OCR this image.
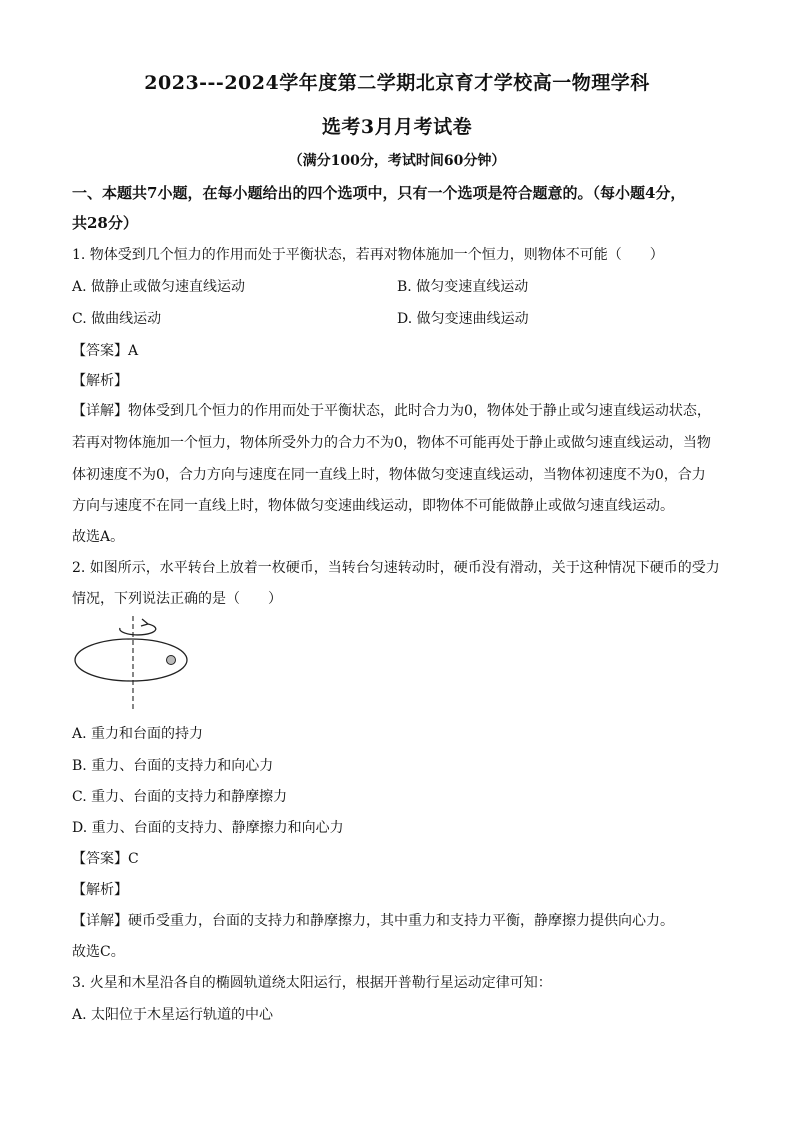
2023---2024学年度第二学期北京育才学校高一物理学科
选考3月月考试卷
（满分100分，考试时间60分钟）
一、本题共7小题，在每小题给出的四个选项中，只有一个选项是符合题意的。（每小题4分，
共28分）
1. 物体受到几个恒力的作用而处于平衡状态，若再对物体施加一个恒力，则物体不可能（　　）
A. 做静止或做匀速直线运动	B. 做匀变速直线运动
C. 做曲线运动	D. 做匀变速曲线运动
【答案】A
【解析】
【详解】物体受到几个恒力的作用而处于平衡状态，此时合力为0，物体处于静止或匀速直线运动状态，
若再对物体施加一个恒力，物体所受外力的合力不为0，物体不可能再处于静止或做匀速直线运动，当物
体初速度不为0，合力方向与速度在同一直线上时，物体做匀变速直线运动，当物体初速度不为0，合力
方向与速度不在同一直线上时，物体做匀变速曲线运动，即物体不可能做静止或做匀速直线运动。
故选A。
2. 如图所示，水平转台上放着一枚硬币，当转台匀速转动时，硬币没有滑动，关于这种情况下硬币的受力
情况，下列说法正确的是（　　）
A. 重力和台面的持力
B. 重力、台面的支持力和向心力
C. 重力、台面的支持力和静摩擦力
D. 重力、台面的支持力、静摩擦力和向心力
【答案】C
【解析】
【详解】硬币受重力，台面的支持力和静摩擦力，其中重力和支持力平衡，静摩擦力提供向心力。
故选C。
3. 火星和木星沿各自的椭圆轨道绕太阳运行，根据开普勒行星运动定律可知：
A. 太阳位于木星运行轨道的中心
